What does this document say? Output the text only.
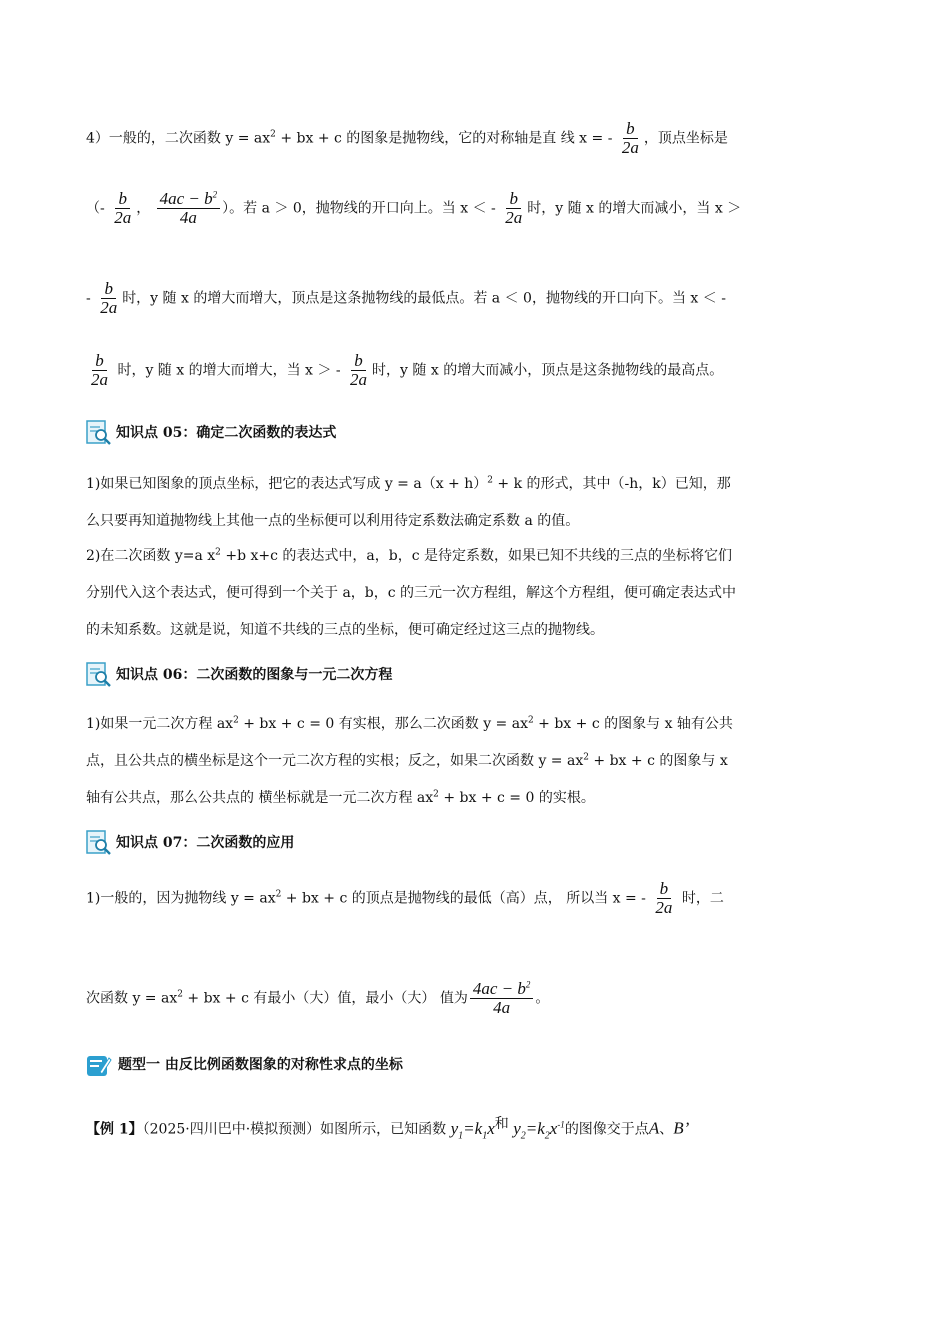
4）一般的，二次函数 $y = ax^2$ + bx + c 的图象是抛物线，它的对称轴是直 线 x = - $\frac{b}{2a}$ ，顶点坐标是
（- $\frac{b}{2a}$ ， $\frac{4ac - b^2}{4a}$ ）。若 a ＞ 0，抛物线的开口向上。当 x ＜ - $\frac{b}{2a}$ 时，y 随 x 的增大而减小，当 x ＞
- $\frac{b}{2a}$ 时，y 随 x 的增大而增大，顶点是这条抛物线的最低点。若 a ＜ 0，抛物线的开口向下。当 x ＜ -
$\frac{b}{2a}$ 时，y 随 x 的增大而增大，当 x ＞ - $\frac{b}{2a}$ 时，y 随 x 的增大而减小，顶点是这条抛物线的最高点。
知识点 05：确定二次函数的表达式
1)如果已知图象的顶点坐标，把它的表达式写成 $y = a(x + h)^2 + k$ 的形式，其中（-h，k）已知，那
么只要再知道抛物线上其他一点的坐标便可以利用待定系数法确定系数 a 的值。
2)在二次函数 y=a $x^2 +b$ x+c 的表达式中，a，b，c 是待定系数，如果已知不共线的三点的坐标将它们
分别代入这个表达式，便可得到一个关于 a，b，c 的三元一次方程组，解这个方程组，便可确定表达式中
的未知系数。这就是说，知道不共线的三点的坐标，便可确定经过这三点的抛物线。
知识点 06：二次函数的图象与一元二次方程
1)如果一元二次方程 $ax^2$ + bx + c = 0 有实根，那么二次函数 $y = ax^2$ + bx + c 的图象与 x 轴有公共
点，且公共点的横坐标是这个一元二次方程的实根；反之，如果二次函数 $y = ax^2$ + bx + c 的图象与 x
轴有公共点，那么公共点的 横坐标就是一元二次方程 $ax^2$ + bx + c = 0 的实根。
知识点 07：二次函数的应用
1)一般的，因为抛物线 $y = ax^2$ + bx + c 的顶点是抛物线的最低（高）点， 所以当 x = - $\frac{b}{2a}$ 时，二
次函数 $y = ax^2$ + bx + c 有最小（大）值，最小（大） 值为 $\frac{4ac - b^2}{4a}$ 。
题型一 由反比例函数图象的对称性求点的坐标
【例 1】（2025·四川巴中·模拟预测）如图所示，已知函数 $y_1=k_1x$和 $y_2=k_2x^{-1}$的图像交于点A、B’
